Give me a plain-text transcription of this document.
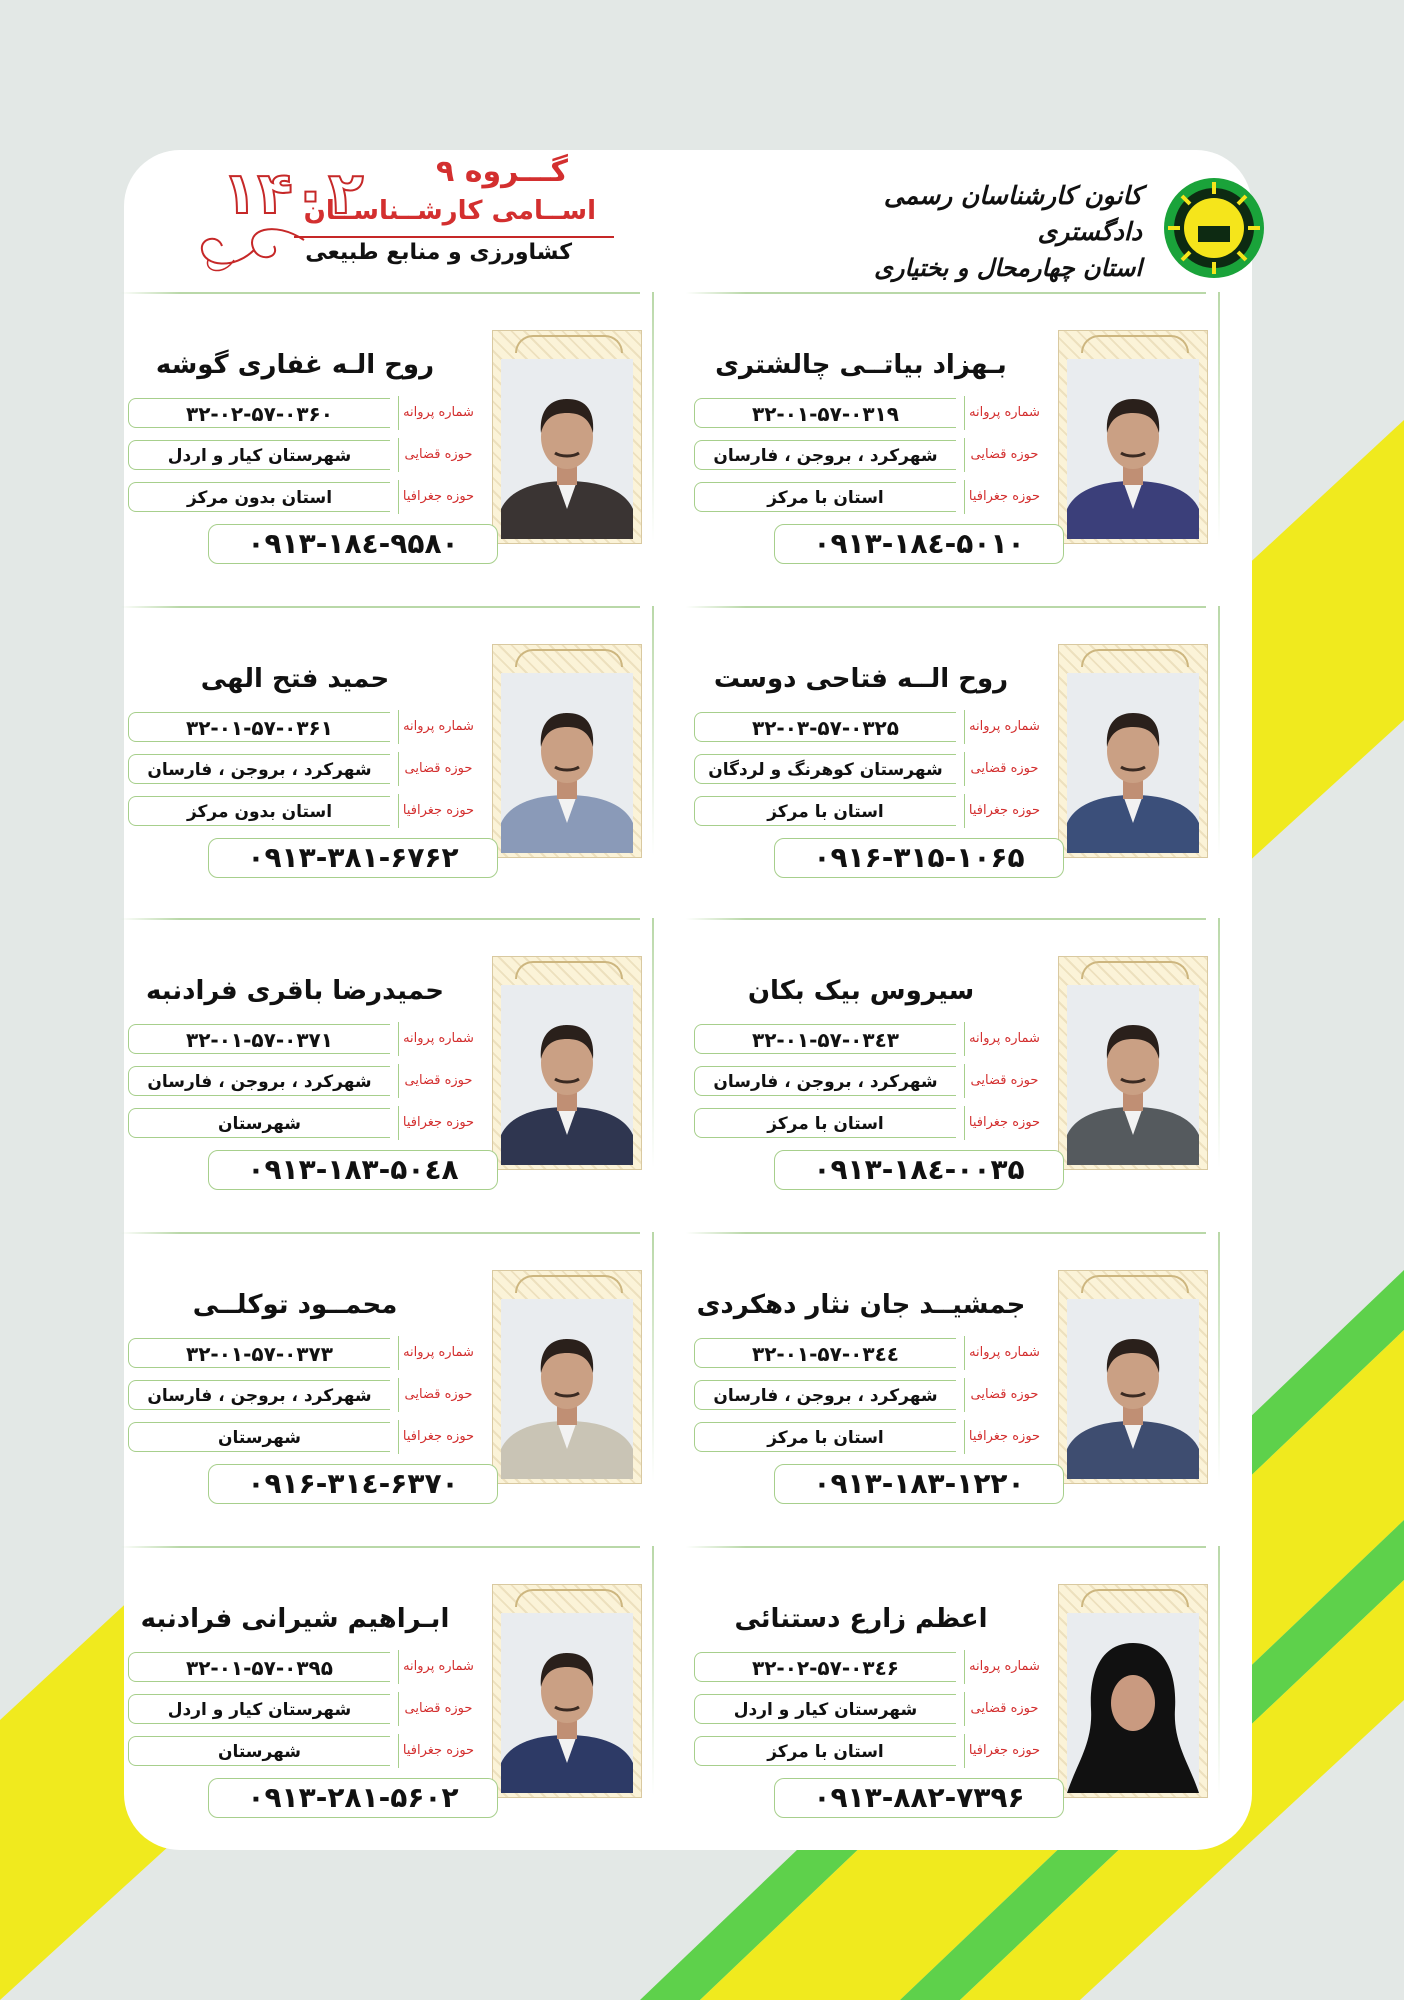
کانون کارشناسان رسمی دادگستری
استان چهارمحال و بختیاری
۱۴۰۲ گـــروه ۹
اســامی کارشــناســان
کشاورزی و منابع طبیعی
بـهزاد بیاتــی چالشتری
شماره پروانه
۳۲-۰۱-۵۷-۰۳۱۹
حوزه قضایی
شهرکرد ، بروجن ، فارسان
حوزه جغرافیا
استان با مرکز
۰۹۱۳-۱۸٤-۵۰۱۰
روح الـه غفاری گوشه
شماره پروانه
۳۲-۰۲-۵۷-۰۳۶۰
حوزه قضایی
شهرستان کیار و اردل
حوزه جغرافیا
استان بدون مرکز
۰۹۱۳-۱۸٤-۹۵۸۰
روح الــه فتاحی دوست
شماره پروانه
۳۲-۰۳-۵۷-۰۳۲۵
حوزه قضایی
شهرستان کوهرنگ و لردگان
حوزه جغرافیا
استان با مرکز
۰۹۱۶-۳۱۵-۱۰۶۵
حمید فتح الهی
شماره پروانه
۳۲-۰۱-۵۷-۰۳۶۱
حوزه قضایی
شهرکرد ، بروجن ، فارسان
حوزه جغرافیا
استان بدون مرکز
۰۹۱۳-۳۸۱-۶۷۶۲
سیروس بیک بکان
شماره پروانه
۳۲-۰۱-۵۷-۰۳٤۳
حوزه قضایی
شهرکرد ، بروجن ، فارسان
حوزه جغرافیا
استان با مرکز
۰۹۱۳-۱۸٤-۰۰۳۵
حمیدرضا باقری فرادنبه
شماره پروانه
۳۲-۰۱-۵۷-۰۳۷۱
حوزه قضایی
شهرکرد ، بروجن ، فارسان
حوزه جغرافیا
شهرستان
۰۹۱۳-۱۸۳-۵۰٤۸
جمشیــد جان نثار دهکردی
شماره پروانه
۳۲-۰۱-۵۷-۰۳٤٤
حوزه قضایی
شهرکرد ، بروجن ، فارسان
حوزه جغرافیا
استان با مرکز
۰۹۱۳-۱۸۳-۱۲۲۰
محمــود توکلــی
شماره پروانه
۳۲-۰۱-۵۷-۰۳۷۳
حوزه قضایی
شهرکرد ، بروجن ، فارسان
حوزه جغرافیا
شهرستان
۰۹۱۶-۳۱٤-۶۳۷۰
اعظم زارع دستنائی
شماره پروانه
۳۲-۰۲-۵۷-۰۳٤۶
حوزه قضایی
شهرستان کیار و اردل
حوزه جغرافیا
استان با مرکز
۰۹۱۳-۸۸۲-۷۳۹۶
ابـراهیم شیرانی فرادنبه
شماره پروانه
۳۲-۰۱-۵۷-۰۳۹۵
حوزه قضایی
شهرستان کیار و اردل
حوزه جغرافیا
شهرستان
۰۹۱۳-۲۸۱-۵۶۰۲
